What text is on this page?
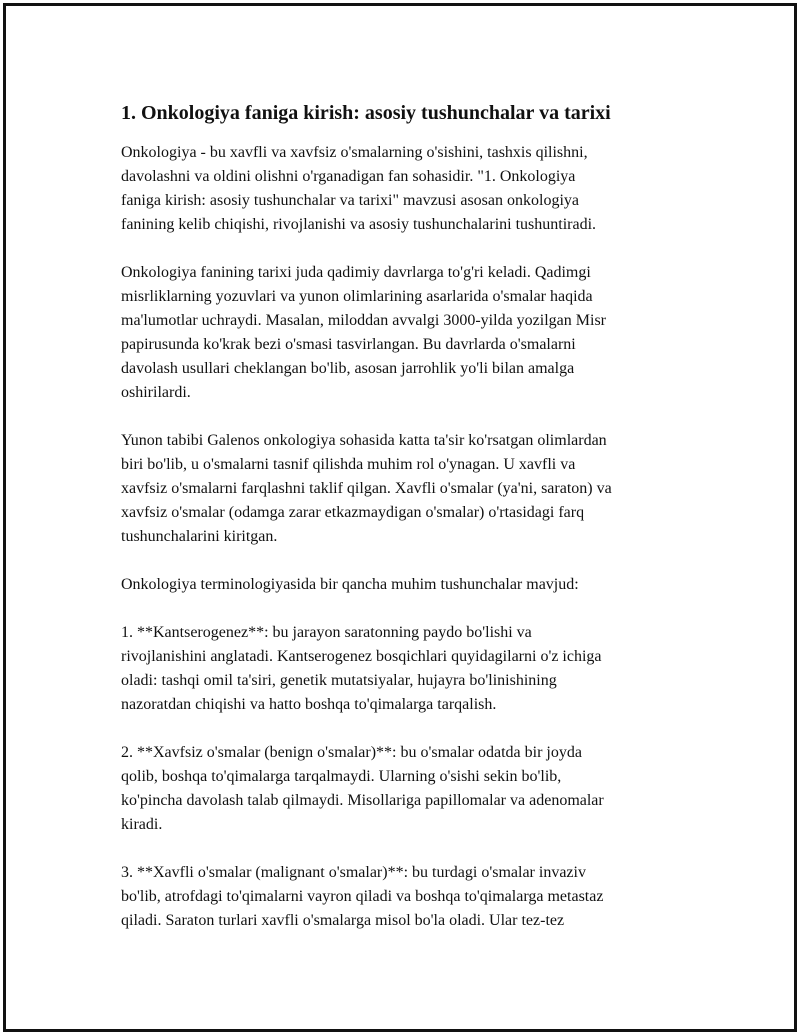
1. Onkologiya faniga kirish: asosiy tushunchalar va tarixi

Onkologiya - bu xavfli va xavfsiz o'smalarning o'sishini, tashxis qilishni,
davolashni va oldini olishni o'rganadigan fan sohasidir. "1. Onkologiya
faniga kirish: asosiy tushunchalar va tarixi" mavzusi asosan onkologiya
fanining kelib chiqishi, rivojlanishi va asosiy tushunchalarini tushuntiradi.

Onkologiya fanining tarixi juda qadimiy davrlarga to'g'ri keladi. Qadimgi
misrliklarning yozuvlari va yunon olimlarining asarlarida o'smalar haqida
ma'lumotlar uchraydi. Masalan, miloddan avvalgi 3000-yilda yozilgan Misr
papirusunda ko'krak bezi o'smasi tasvirlangan. Bu davrlarda o'smalarni
davolash usullari cheklangan bo'lib, asosan jarrohlik yo'li bilan amalga
oshirilardi.

Yunon tabibi Galenos onkologiya sohasida katta ta'sir ko'rsatgan olimlardan
biri bo'lib, u o'smalarni tasnif qilishda muhim rol o'ynagan. U xavfli va
xavfsiz o'smalarni farqlashni taklif qilgan. Xavfli o'smalar (ya'ni, saraton) va
xavfsiz o'smalar (odamga zarar etkazmaydigan o'smalar) o'rtasidagi farq
tushunchalarini kiritgan.

Onkologiya terminologiyasida bir qancha muhim tushunchalar mavjud:

1. **Kantserogenez**: bu jarayon saratonning paydo bo'lishi va
rivojlanishini anglatadi. Kantserogenez bosqichlari quyidagilarni o'z ichiga
oladi: tashqi omil ta'siri, genetik mutatsiyalar, hujayra bo'linishining
nazoratdan chiqishi va hatto boshqa to'qimalarga tarqalish.

2. **Xavfsiz o'smalar (benign o'smalar)**: bu o'smalar odatda bir joyda
qolib, boshqa to'qimalarga tarqalmaydi. Ularning o'sishi sekin bo'lib,
ko'pincha davolash talab qilmaydi. Misollariga papillomalar va adenomalar
kiradi.

3. **Xavfli o'smalar (malignant o'smalar)**: bu turdagi o'smalar invaziv
bo'lib, atrofdagi to'qimalarni vayron qiladi va boshqa to'qimalarga metastaz
qiladi. Saraton turlari xavfli o'smalarga misol bo'la oladi. Ular tez-tez
